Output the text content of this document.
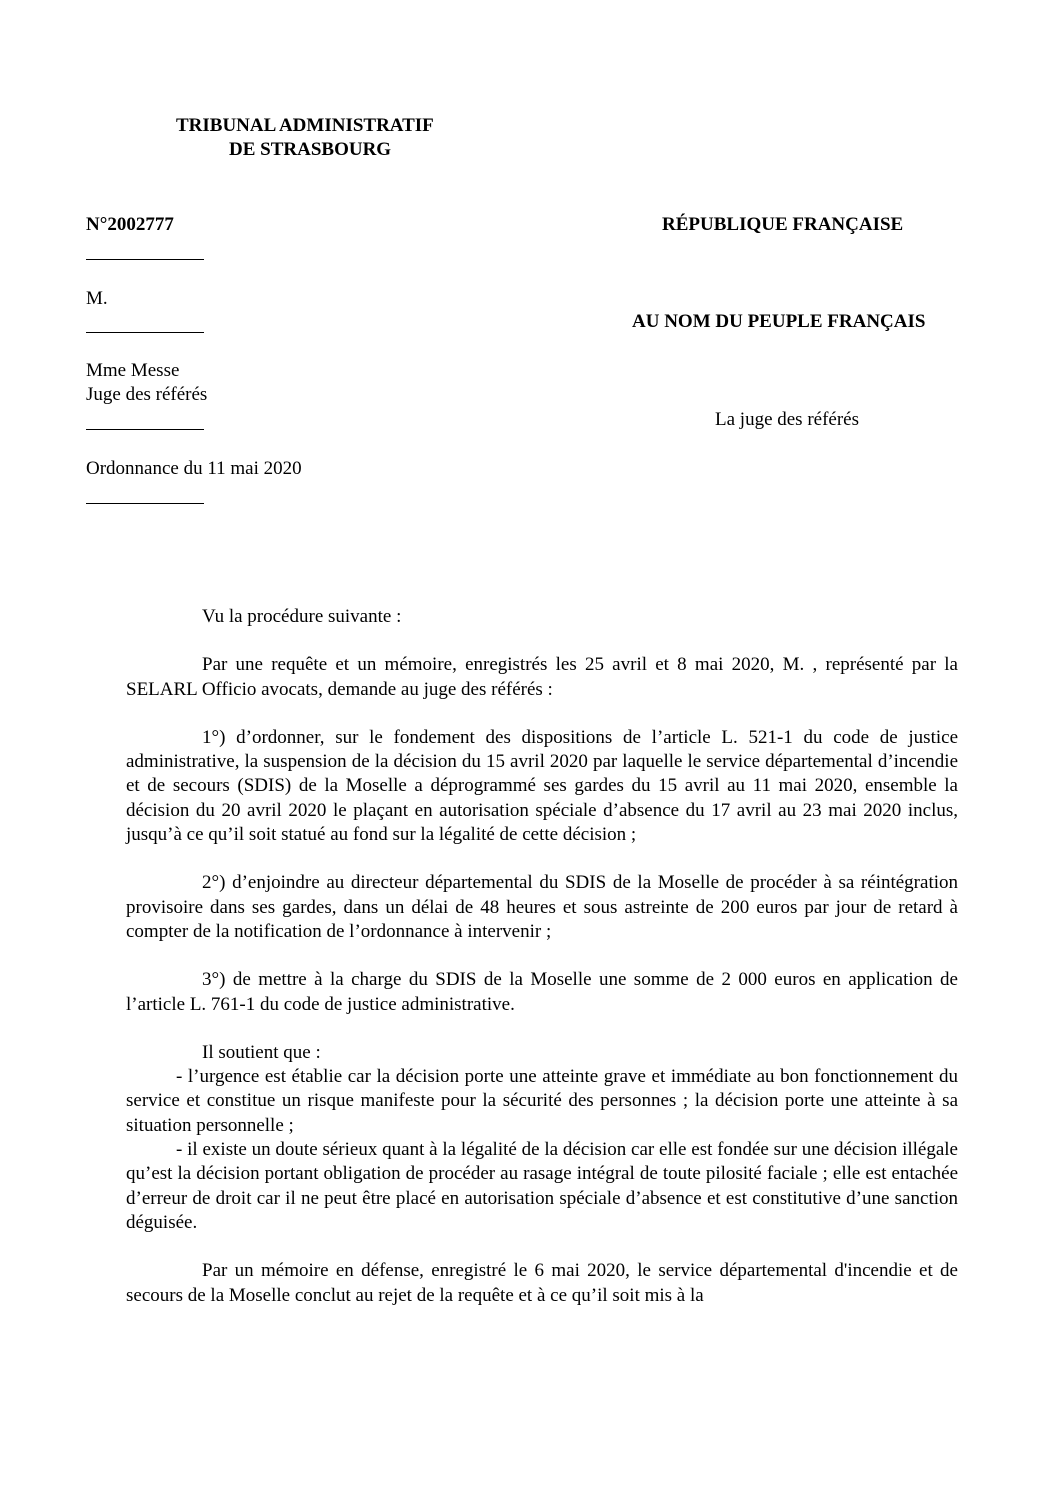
TRIBUNAL ADMINISTRATIF
DE STRASBOURG
N°2002777	RÉPUBLIQUE FRANÇAISE
M.
AU NOM DU PEUPLE FRANÇAIS
Mme Messe
Juge des référés
La juge des référés
Ordonnance du 11 mai 2020

Vu la procédure suivante :

Par une requête et un mémoire, enregistrés les 25 avril et 8 mai 2020, M. , représenté par la SELARL Officio avocats, demande au juge des référés :

1°) d’ordonner, sur le fondement des dispositions de l’article L. 521-1 du code de justice administrative, la suspension de la décision du 15 avril 2020 par laquelle le service départemental d’incendie et de secours (SDIS) de la Moselle a déprogrammé ses gardes du 15 avril au 11 mai 2020, ensemble la décision du 20 avril 2020 le plaçant en autorisation spéciale d’absence du 17 avril au 23 mai 2020 inclus, jusqu’à ce qu’il soit statué au fond sur la légalité de cette décision ;

2°) d’enjoindre au directeur départemental du SDIS de la Moselle de procéder à sa réintégration provisoire dans ses gardes, dans un délai de 48 heures et sous astreinte de 200 euros par jour de retard à compter de la notification de l’ordonnance à intervenir ;

3°) de mettre à la charge du SDIS de la Moselle une somme de 2 000 euros en application de l’article L. 761-1 du code de justice administrative.

Il soutient que :

- l’urgence est établie car la décision porte une atteinte grave et immédiate au bon fonctionnement du service et constitue un risque manifeste pour la sécurité des personnes ; la décision porte une atteinte à sa situation personnelle ;

- il existe un doute sérieux quant à la légalité de la décision car elle est fondée sur une décision illégale qu’est la décision portant obligation de procéder au rasage intégral de toute pilosité faciale ; elle est entachée d’erreur de droit car il ne peut être placé en autorisation spéciale d’absence et est constitutive d’une sanction déguisée.

Par un mémoire en défense, enregistré le 6 mai 2020, le service départemental d'incendie et de secours de la Moselle conclut au rejet de la requête et à ce qu’il soit mis à la
